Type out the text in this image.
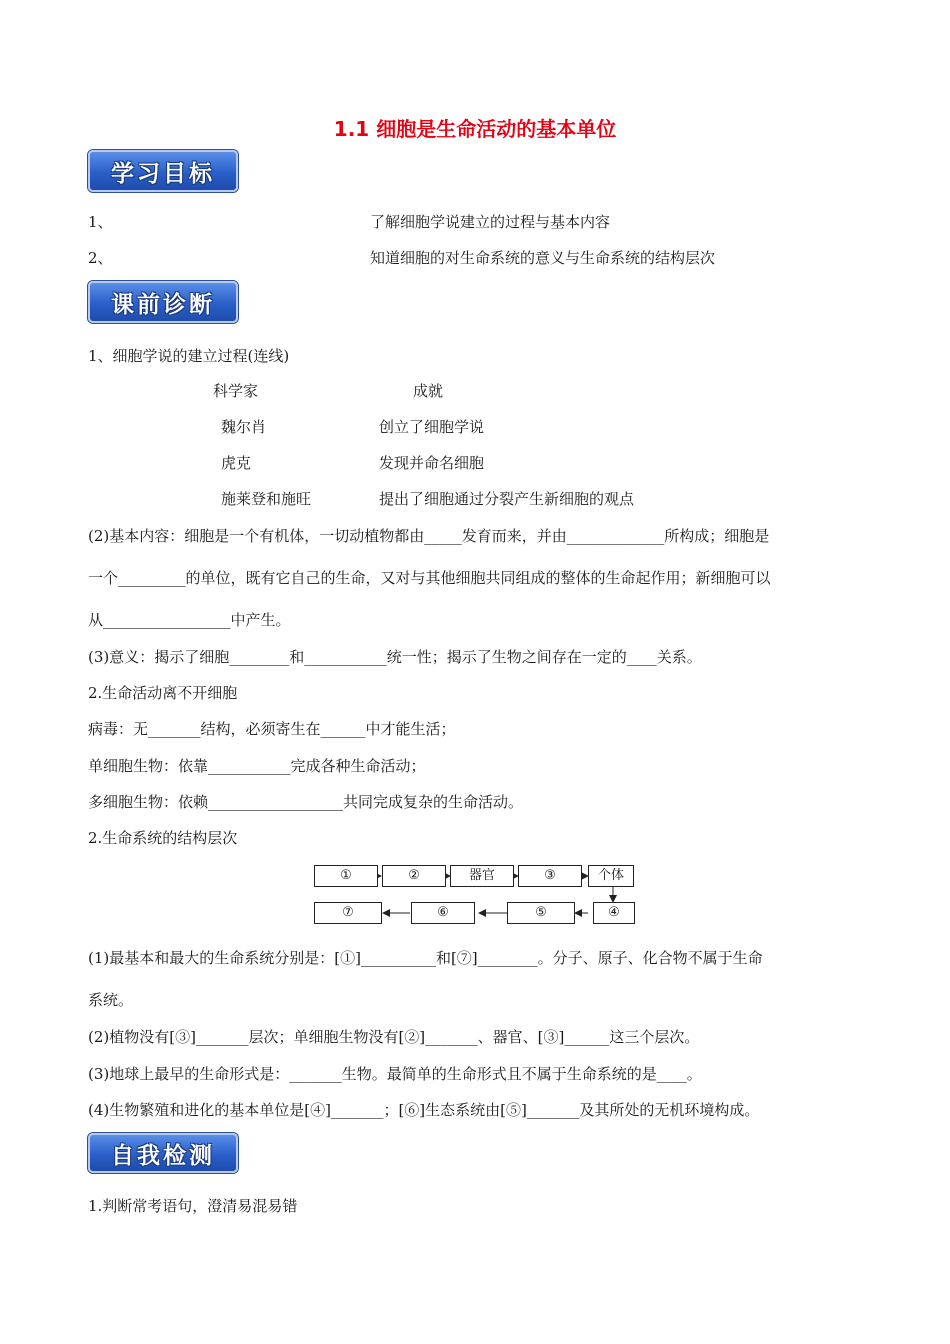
1.1 细胞是生命活动的基本单位
学习目标
1、	了解细胞学说建立的过程与基本内容
2、	知道细胞的对生命系统的意义与生命系统的结构层次
课前诊断
1、细胞学说的建立过程(连线)
科学家	成就
魏尔肖	创立了细胞学说
虎克	发现并命名细胞
施莱登和施旺	提出了细胞通过分裂产生新细胞的观点
(2)基本内容：细胞是一个有机体，一切动植物都由_____发育而来，并由_____________所构成；细胞是
一个_________的单位，既有它自己的生命，又对与其他细胞共同组成的整体的生命起作用；新细胞可以
从_________________中产生。
(3)意义：揭示了细胞________和___________统一性；揭示了生物之间存在一定的____关系。
2.生命活动离不开细胞
病毒：无_______结构，必须寄生在______中才能生活；
单细胞生物：依靠___________完成各种生命活动；
多细胞生物：依赖__________________共同完成复杂的生命活动。
2.生命系统的结构层次
①	②	器官	③	个体
⑦	⑥	⑤	④
(1)最基本和最大的生命系统分别是：[①]__________和[⑦]________。分子、原子、化合物不属于生命
系统。
(2)植物没有[③]_______层次；单细胞生物没有[②]_______、器官、[③]______这三个层次。
(3)地球上最早的生命形式是：_______生物。最简单的生命形式且不属于生命系统的是____。
(4)生物繁殖和进化的基本单位是[④]_______；[⑥]生态系统由[⑤]_______及其所处的无机环境构成。
自我检测
1.判断常考语句，澄清易混易错
